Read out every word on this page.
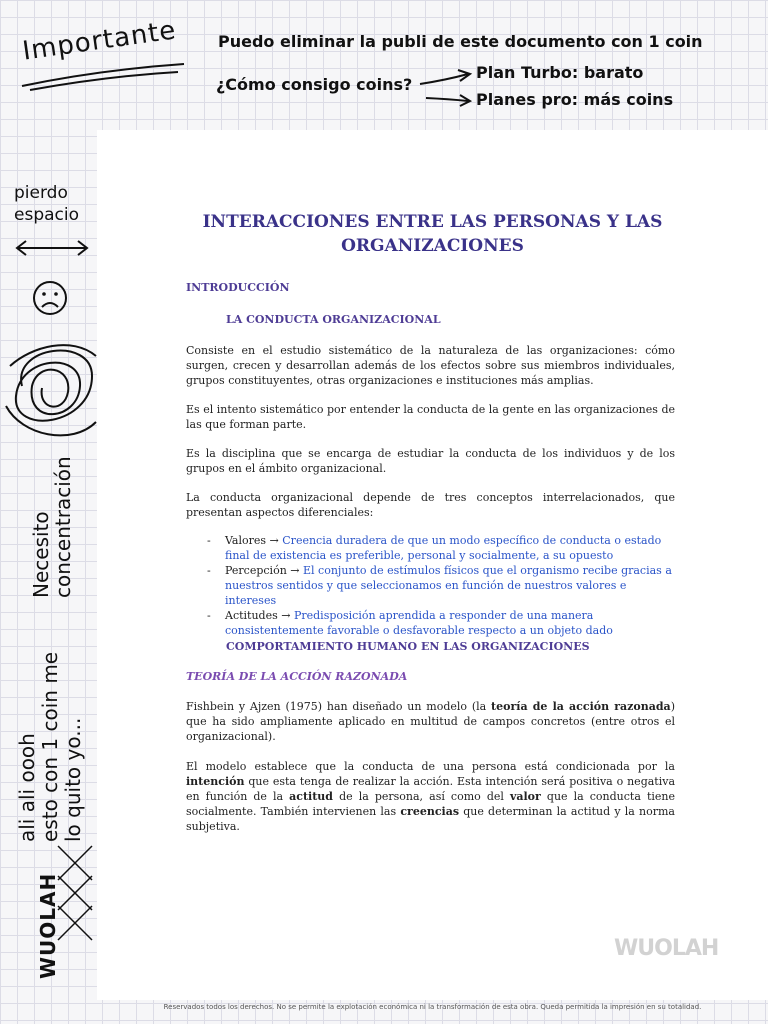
Importante Puedo eliminar la publi de este documento con 1 coin
¿Cómo consigo coins?
Plan Turbo: barato
Planes pro: más coins
pierdo
espacio
Necesito
concentración
ali ali oooh esto con 1 coin me lo quito yo...
WUOLAH
INTERACCIONES ENTRE LAS PERSONAS Y LAS
ORGANIZACIONES
INTRODUCCIÓN
LA CONDUCTA ORGANIZACIONAL
Consiste en el estudio sistemático de la naturaleza de las organizaciones: cómo surgen, crecen y desarrollan además de los efectos sobre sus miembros individuales, grupos constituyentes, otras organizaciones e instituciones más amplias.
Es el intento sistemático por entender la conducta de la gente en las organizaciones de las que forman parte.
Es la disciplina que se encarga de estudiar la conducta de los individuos y de los grupos en el ámbito organizacional.
La conducta organizacional depende de tres conceptos interrelacionados, que presentan aspectos diferenciales:
- Valores → Creencia duradera de que un modo específico de conducta o estado final de existencia es preferible, personal y socialmente, a su opuesto
- Percepción → El conjunto de estímulos físicos que el organismo recibe gracias a nuestros sentidos y que seleccionamos en función de nuestros valores e intereses
- Actitudes → Predisposición aprendida a responder de una manera consistentemente favorable o desfavorable respecto a un objeto dado
COMPORTAMIENTO HUMANO EN LAS ORGANIZACIONES
TEORÍA DE LA ACCIÓN RAZONADA
Fishbein y Ajzen (1975) han diseñado un modelo (la teoría de la acción razonada) que ha sido ampliamente aplicado en multitud de campos concretos (entre otros el organizacional).
El modelo establece que la conducta de una persona está condicionada por la intención que esta tenga de realizar la acción. Esta intención será positiva o negativa en función de la actitud de la persona, así como del valor que la conducta tiene socialmente. También intervienen las creencias que determinan la actitud y la norma subjetiva.
WUOLAH
Reservados todos los derechos. No se permite la explotación económica ni la transformación de esta obra. Queda permitida la impresión en su totalidad.
